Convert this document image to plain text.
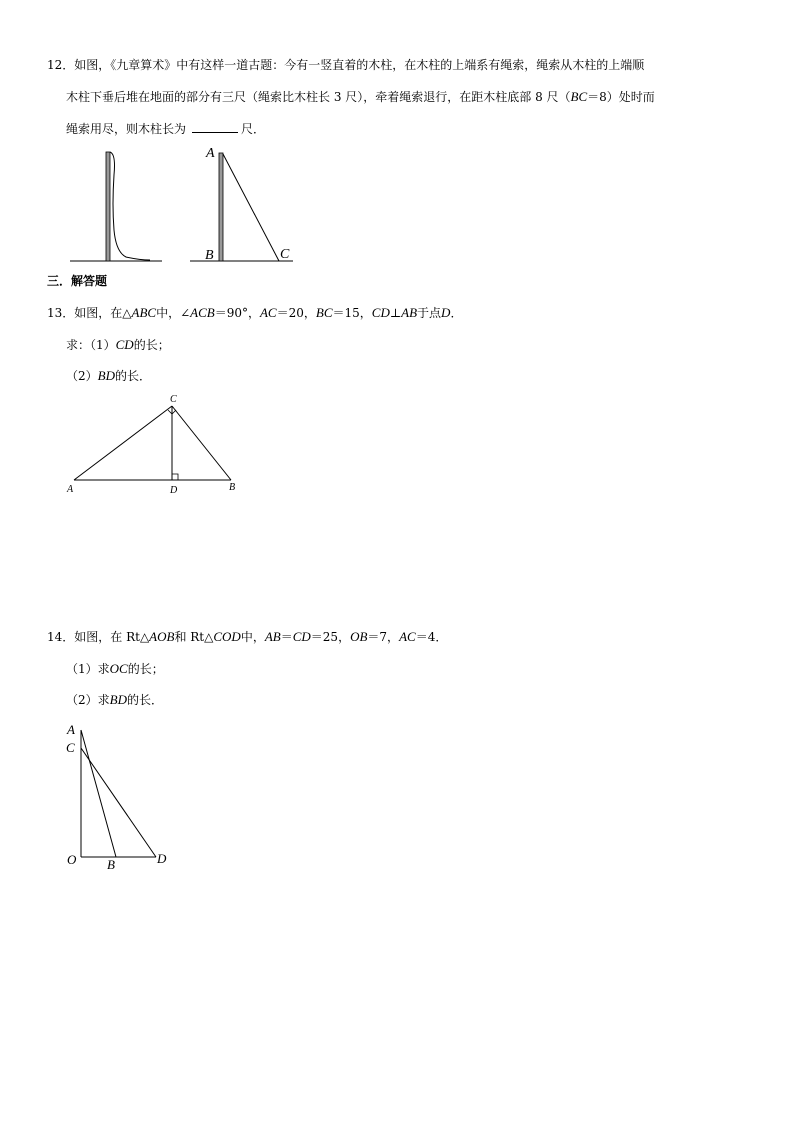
12．如图，《九章算术》中有这样一道古题：今有一竖直着的木柱，在木柱的上端系有绳索，绳索从木柱的上端顺
木柱下垂后堆在地面的部分有三尺（绳索比木柱长 3 尺），牵着绳索退行，在距木柱底部 8 尺（BC＝8）处时而
绳索用尽，则木柱长为	尺．
A
B	C
C
A	D	B
A
C
O B	D
三．解答题
13．如图，在△ABC中，∠ACB＝90°，AC＝20，BC＝15，CD⊥AB于点D．
求：（1）CD的长；
（2）BD的长．
14．如图，在 Rt△AOB和 Rt△COD中，AB＝CD＝25，OB＝7，AC＝4．
（1）求OC的长；
（2）求BD的长．
